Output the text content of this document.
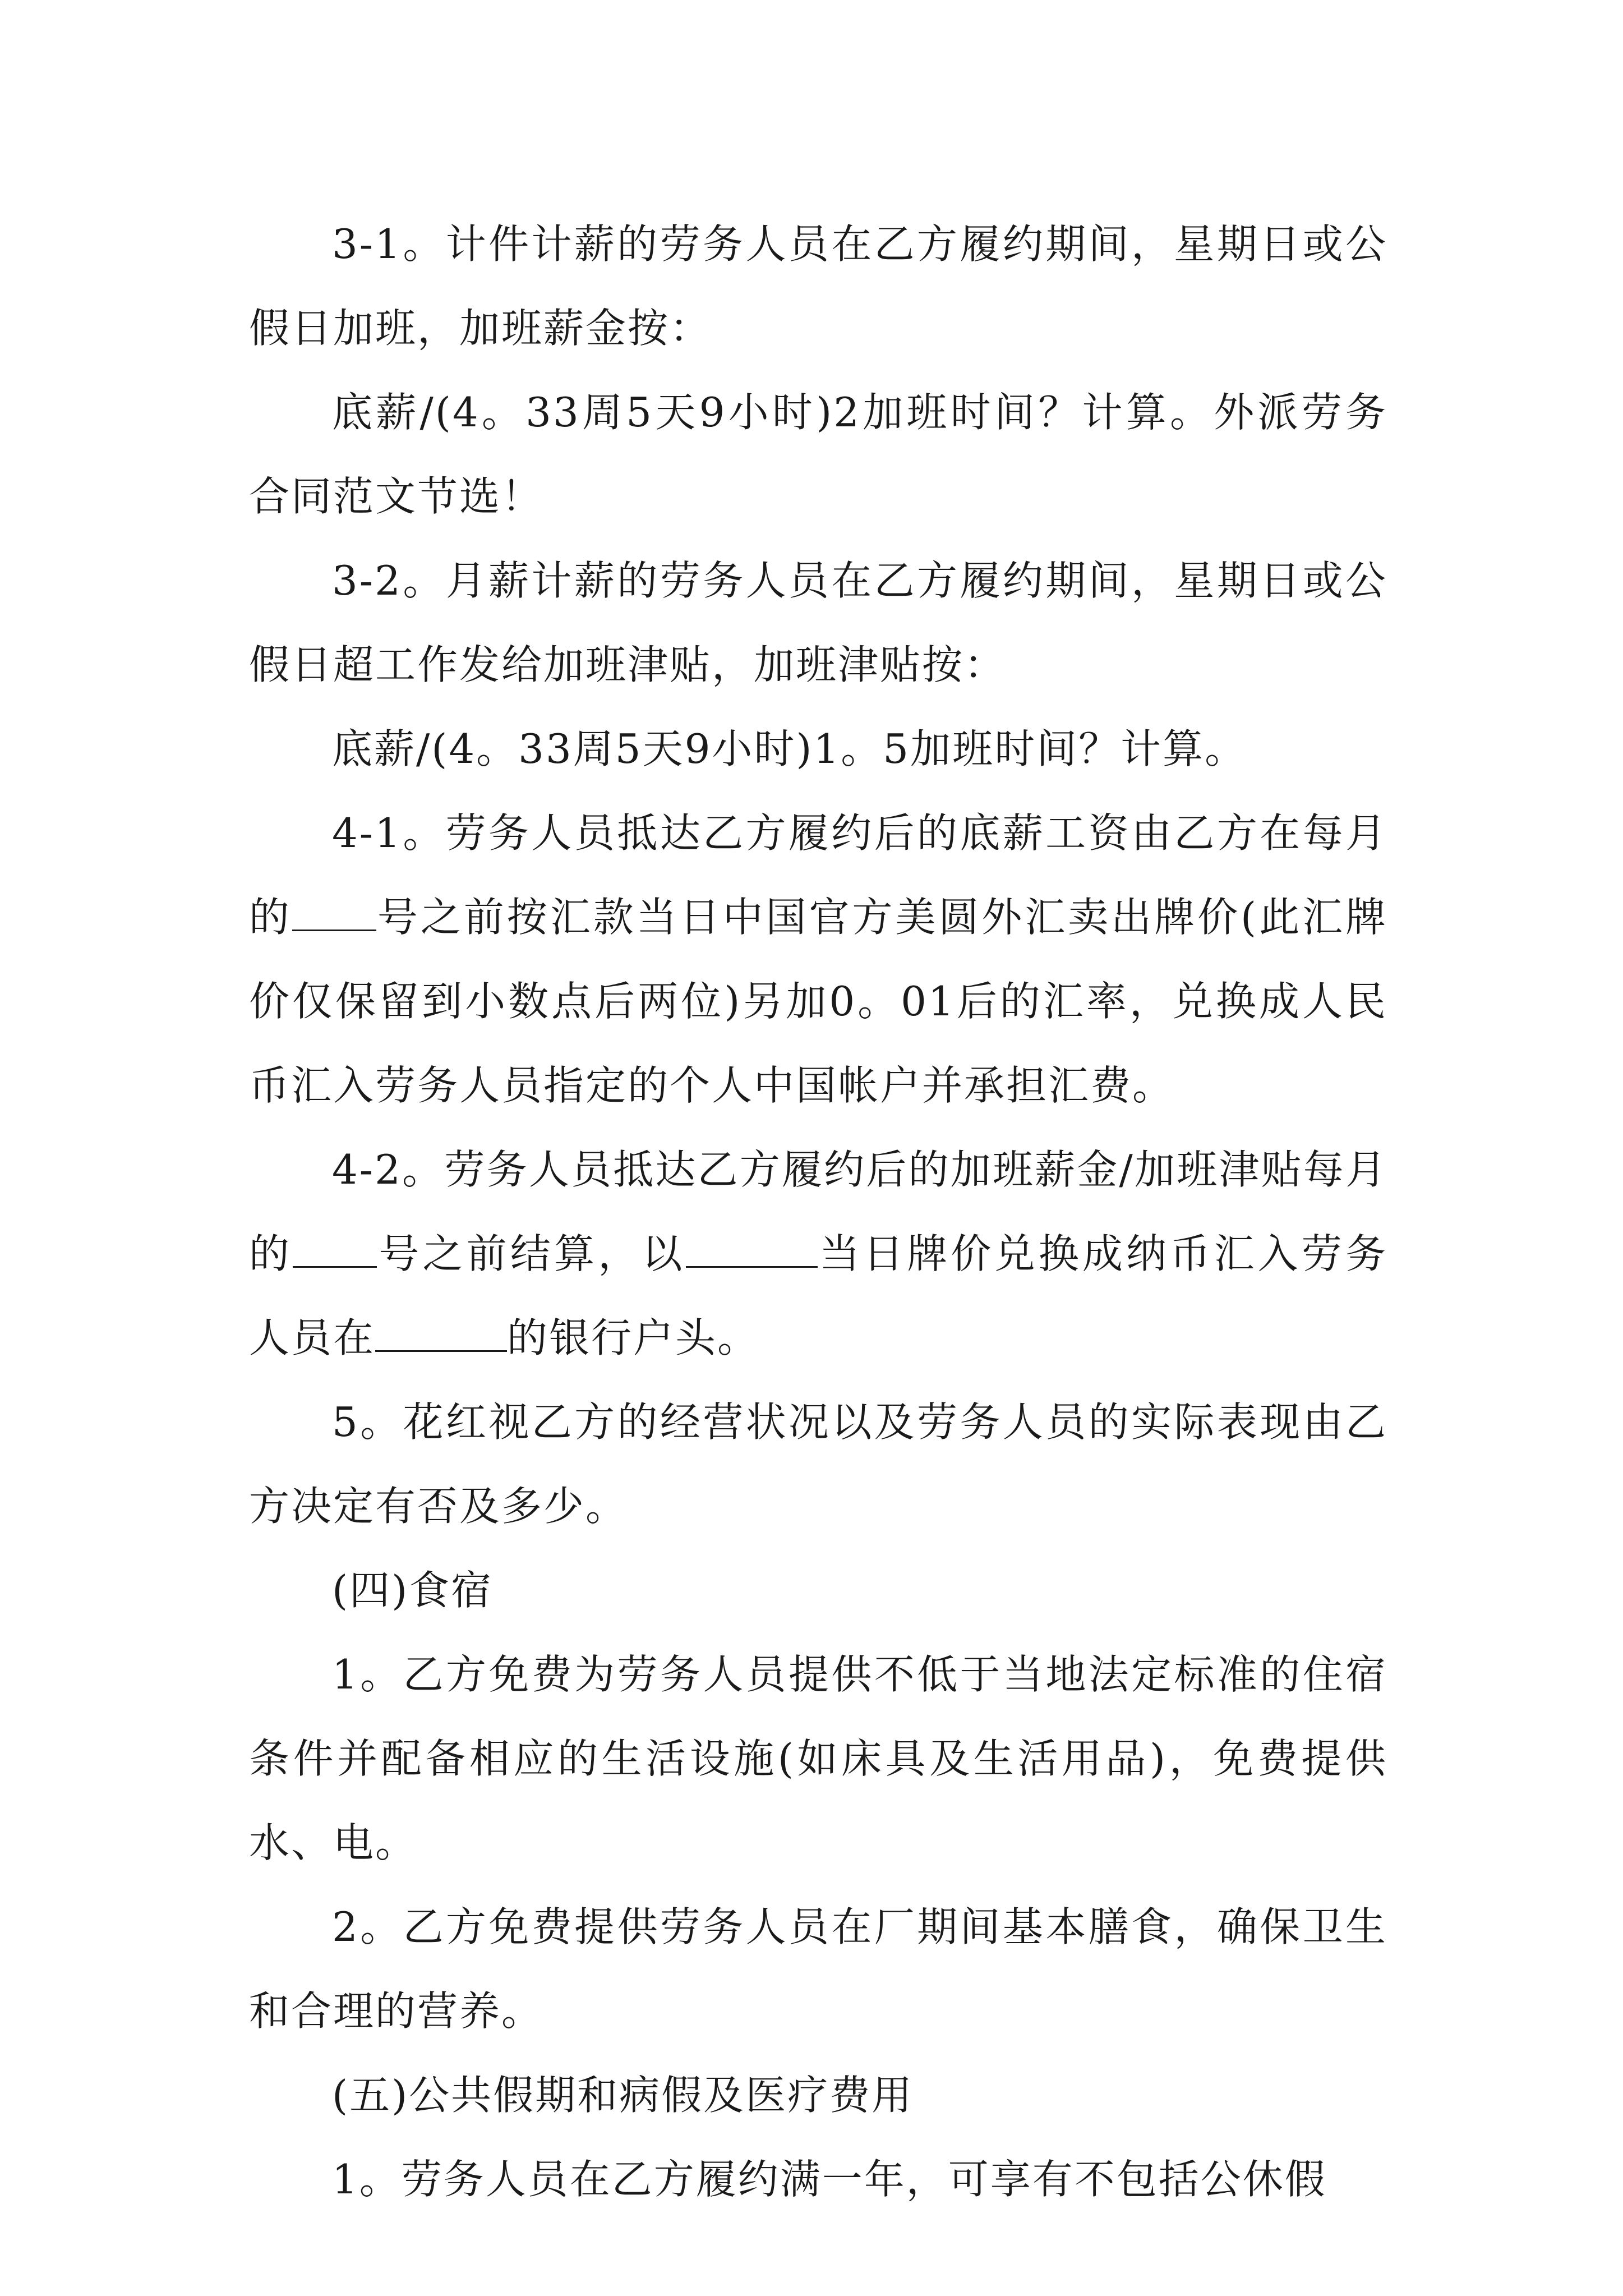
3-1。计件计薪的劳务人员在乙方履约期间，星期日或公假日加班，加班薪金按：

底薪/(4。33周5天9小时)2加班时间？计算。外派劳务合同范文节选！

3-2。月薪计薪的劳务人员在乙方履约期间，星期日或公假日超工作发给加班津贴，加班津贴按：

底薪/(4。33周5天9小时)1。5加班时间？计算。

4-1。劳务人员抵达乙方履约后的底薪工资由乙方在每月的 号之前按汇款当日中国官方美圆外汇卖出牌价(此汇牌价仅保留到小数点后两位)另加0。01后的汇率，兑换成人民币汇入劳务人员指定的个人中国帐户并承担汇费。

4-2。劳务人员抵达乙方履约后的加班薪金/加班津贴每月的 号之前结算，以	当日牌价兑换成纳币汇入劳务人员在	的银行户头。

5。花红视乙方的经营状况以及劳务人员的实际表现由乙方决定有否及多少。

(四)食宿

1。乙方免费为劳务人员提供不低于当地法定标准的住宿条件并配备相应的生活设施(如床具及生活用品)，免费提供水、电。

2。乙方免费提供劳务人员在厂期间基本膳食，确保卫生和合理的营养。

(五)公共假期和病假及医疗费用

1。劳务人员在乙方履约满一年，可享有不包括公休假
